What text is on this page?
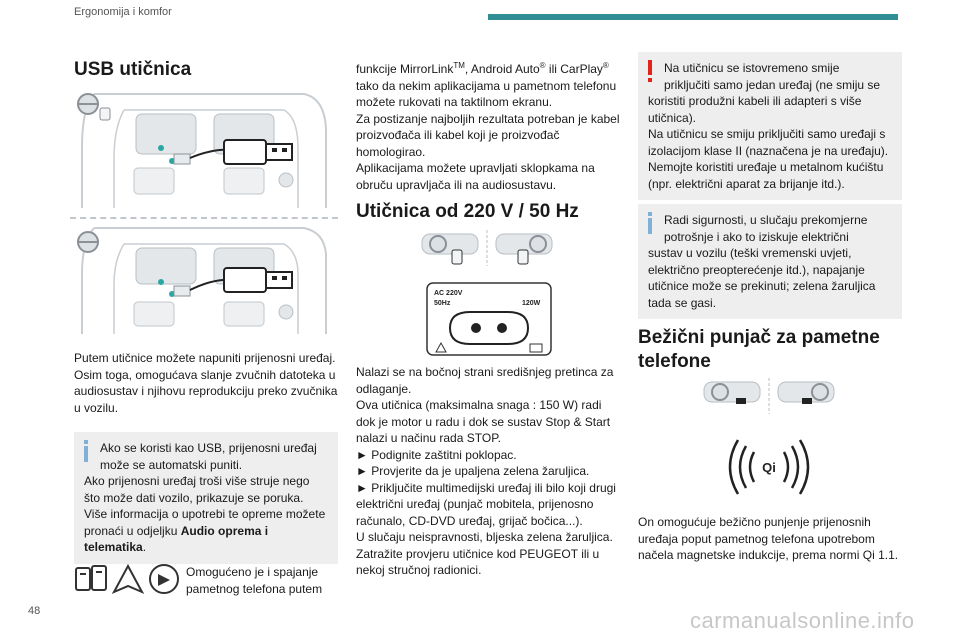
Ergonomija i komfor
USB utičnica
Putem utičnice možete napuniti prijenosni uređaj.
Osim toga, omogućava slanje zvučnih datoteka u audiosustav i njihovu reprodukciju preko zvučnika u vozilu.
Ako se koristi kao USB, prijenosni uređaj
može se automatski puniti.
Ako prijenosni uređaj troši više struje nego što može dati vozilo, prikazuje se poruka.
Više informacija o upotrebi te opreme možete pronaći u odjeljku Audio oprema i telematika.
Omogućeno je i spajanje pametnog telefona putem
funkcije MirrorLink™, Android Auto® ili CarPlay®
tako da nekim aplikacijama u pametnom telefonu možete rukovati na taktilnom ekranu.
Za postizanje najboljih rezultata potreban je kabel proizvođača ili kabel koji je proizvođač homologirao.
Aplikacijama možete upravljati sklopkama na obruču upravljača ili na audiosustavu.
Utičnica od 220 V / 50 Hz
AC 220V
50Hz	120W
Nalazi se na bočnoj strani središnjeg pretinca za odlaganje.
Ova utičnica (maksimalna snaga : 150 W) radi dok je motor u radu i dok se sustav Stop & Start nalazi u načinu rada STOP.
► Podignite zaštitni poklopac.
► Provjerite da je upaljena zelena žaruljica.
► Priključite multimedijski uređaj ili bilo koji drugi električni uređaj (punjač mobitela, prijenosno računalo, CD-DVD uređaj, grijač bočica...).
U slučaju neispravnosti, bljeska zelena žaruljica.
Zatražite provjeru utičnice kod PEUGEOT ili u nekoj stručnoj radionici.
Na utičnicu se istovremeno smije
priključiti samo jedan uređaj (ne smiju se
koristiti produžni kabeli ili adapteri s više utičnica).
Na utičnicu se smiju priključiti samo uređaji s izolacijom klase II (naznačena je na uređaju).
Nemojte koristiti uređaje u metalnom kućištu (npr. električni aparat za brijanje itd.).
Radi sigurnosti, u slučaju prekomjerne
potrošnje i ako to iziskuje električni
sustav u vozilu (teški vremenski uvjeti, električno preopterećenje itd.), napajanje utičnice može se prekinuti; zelena žaruljica tada se gasi.
Bežični punjač za pametne telefone
Qi
On omogućuje bežično punjenje prijenosnih uređaja poput pametnog telefona upotrebom načela magnetske indukcije, prema normi Qi 1.1.
48	carmanualsonline.info
